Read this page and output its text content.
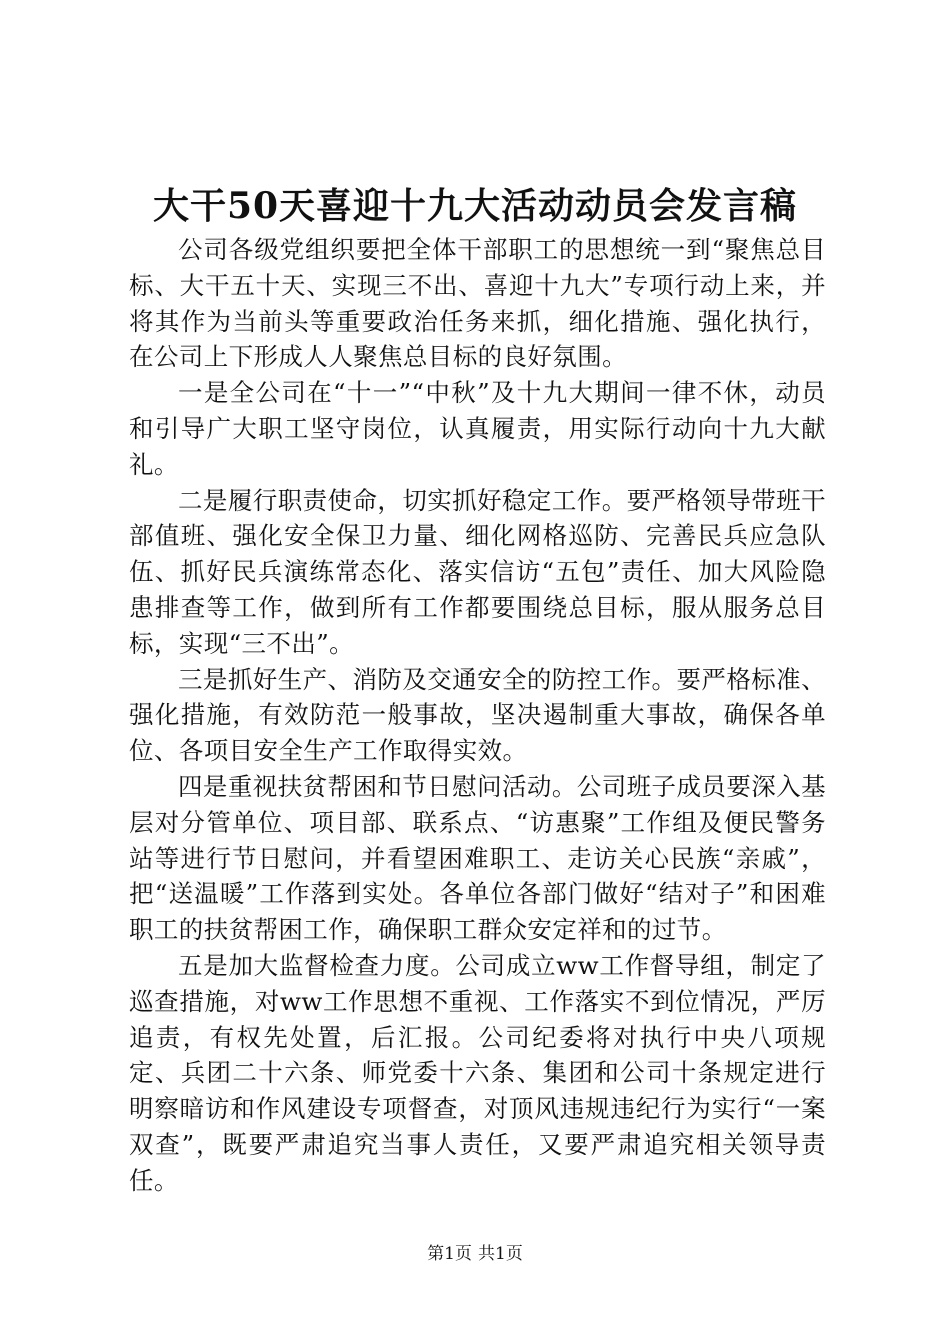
大干50天喜迎十九大活动动员会发言稿

公司各级党组织要把全体干部职工的思想统一到“聚焦总目标、大干五十天、实现三不出、喜迎十九大”专项行动上来，并将其作为当前头等重要政治任务来抓，细化措施、强化执行，在公司上下形成人人聚焦总目标的良好氛围。

一是全公司在“十一”“中秋”及十九大期间一律不休，动员和引导广大职工坚守岗位，认真履责，用实际行动向十九大献礼。

二是履行职责使命，切实抓好稳定工作。要严格领导带班干部值班、强化安全保卫力量、细化网格巡防、完善民兵应急队伍、抓好民兵演练常态化、落实信访“五包”责任、加大风险隐患排查等工作，做到所有工作都要围绕总目标，服从服务总目标，实现“三不出”。

三是抓好生产、消防及交通安全的防控工作。要严格标准、强化措施，有效防范一般事故，坚决遏制重大事故，确保各单位、各项目安全生产工作取得实效。

四是重视扶贫帮困和节日慰问活动。公司班子成员要深入基层对分管单位、项目部、联系点、“访惠聚”工作组及便民警务站等进行节日慰问，并看望困难职工、走访关心民族“亲戚”，把“送温暖”工作落到实处。各单位各部门做好“结对子”和困难职工的扶贫帮困工作，确保职工群众安定祥和的过节。

五是加大监督检查力度。公司成立ww工作督导组，制定了巡查措施，对ww工作思想不重视、工作落实不到位情况，严厉追责，有权先处置，后汇报。公司纪委将对执行中央八项规定、兵团二十六条、师党委十六条、集团和公司十条规定进行明察暗访和作风建设专项督查，对顶风违规违纪行为实行“一案双查”，既要严肃追究当事人责任，又要严肃追究相关领导责任。

第1页 共1页
